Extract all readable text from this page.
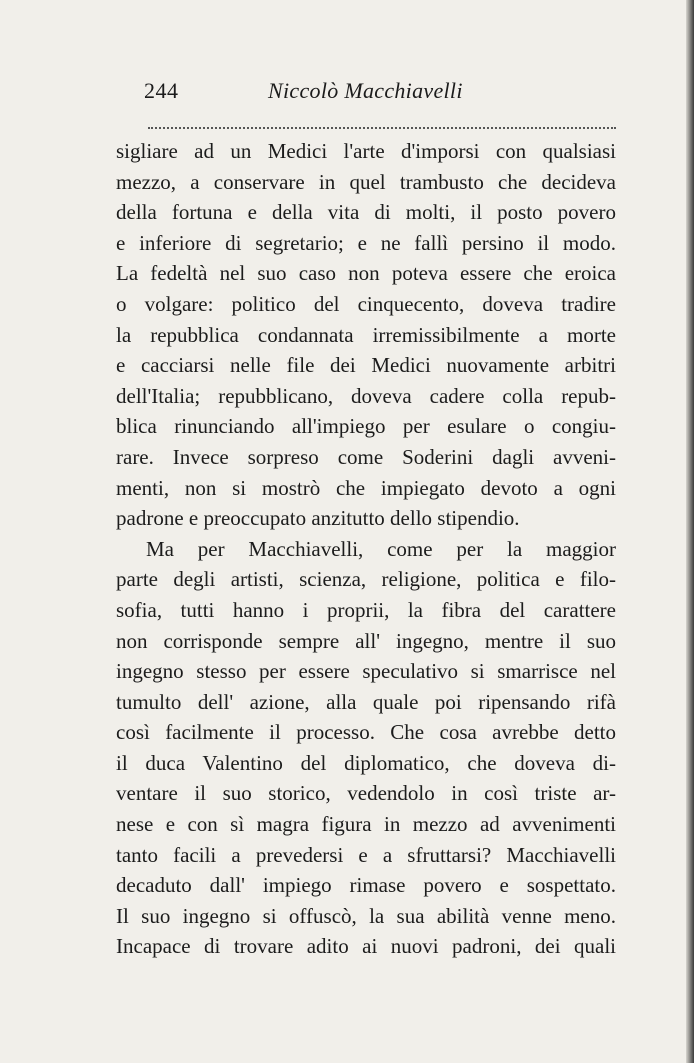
244	Niccolò Macchiavelli
sigliare ad un Medici l'arte d'imporsi con qualsiasi
mezzo, a conservare in quel trambusto che decideva
della fortuna e della vita di molti, il posto povero
e inferiore di segretario; e ne fallì persino il modo.
La fedeltà nel suo caso non poteva essere che eroica
o volgare: politico del cinquecento, doveva tradire
la repubblica condannata irremissibilmente a morte
e cacciarsi nelle file dei Medici nuovamente arbitri
dell'Italia; repubblicano, doveva cadere colla repub-
blica rinunciando all'impiego per esulare o congiu-
rare. Invece sorpreso come Soderini dagli avveni-
menti, non si mostrò che impiegato devoto a ogni
padrone e preoccupato anzitutto dello stipendio.
Ma per Macchiavelli, come per la maggior
parte degli artisti, scienza, religione, politica e filo-
sofia, tutti hanno i proprii, la fibra del carattere
non corrisponde sempre all' ingegno, mentre il suo
ingegno stesso per essere speculativo si smarrisce nel
tumulto dell' azione, alla quale poi ripensando rifà
così facilmente il processo. Che cosa avrebbe detto
il duca Valentino del diplomatico, che doveva di-
ventare il suo storico, vedendolo in così triste ar-
nese e con sì magra figura in mezzo ad avvenimenti
tanto facili a prevedersi e a sfruttarsi? Macchiavelli
decaduto dall' impiego rimase povero e sospettato.
Il suo ingegno si offuscò, la sua abilità venne meno.
Incapace di trovare adito ai nuovi padroni, dei quali
